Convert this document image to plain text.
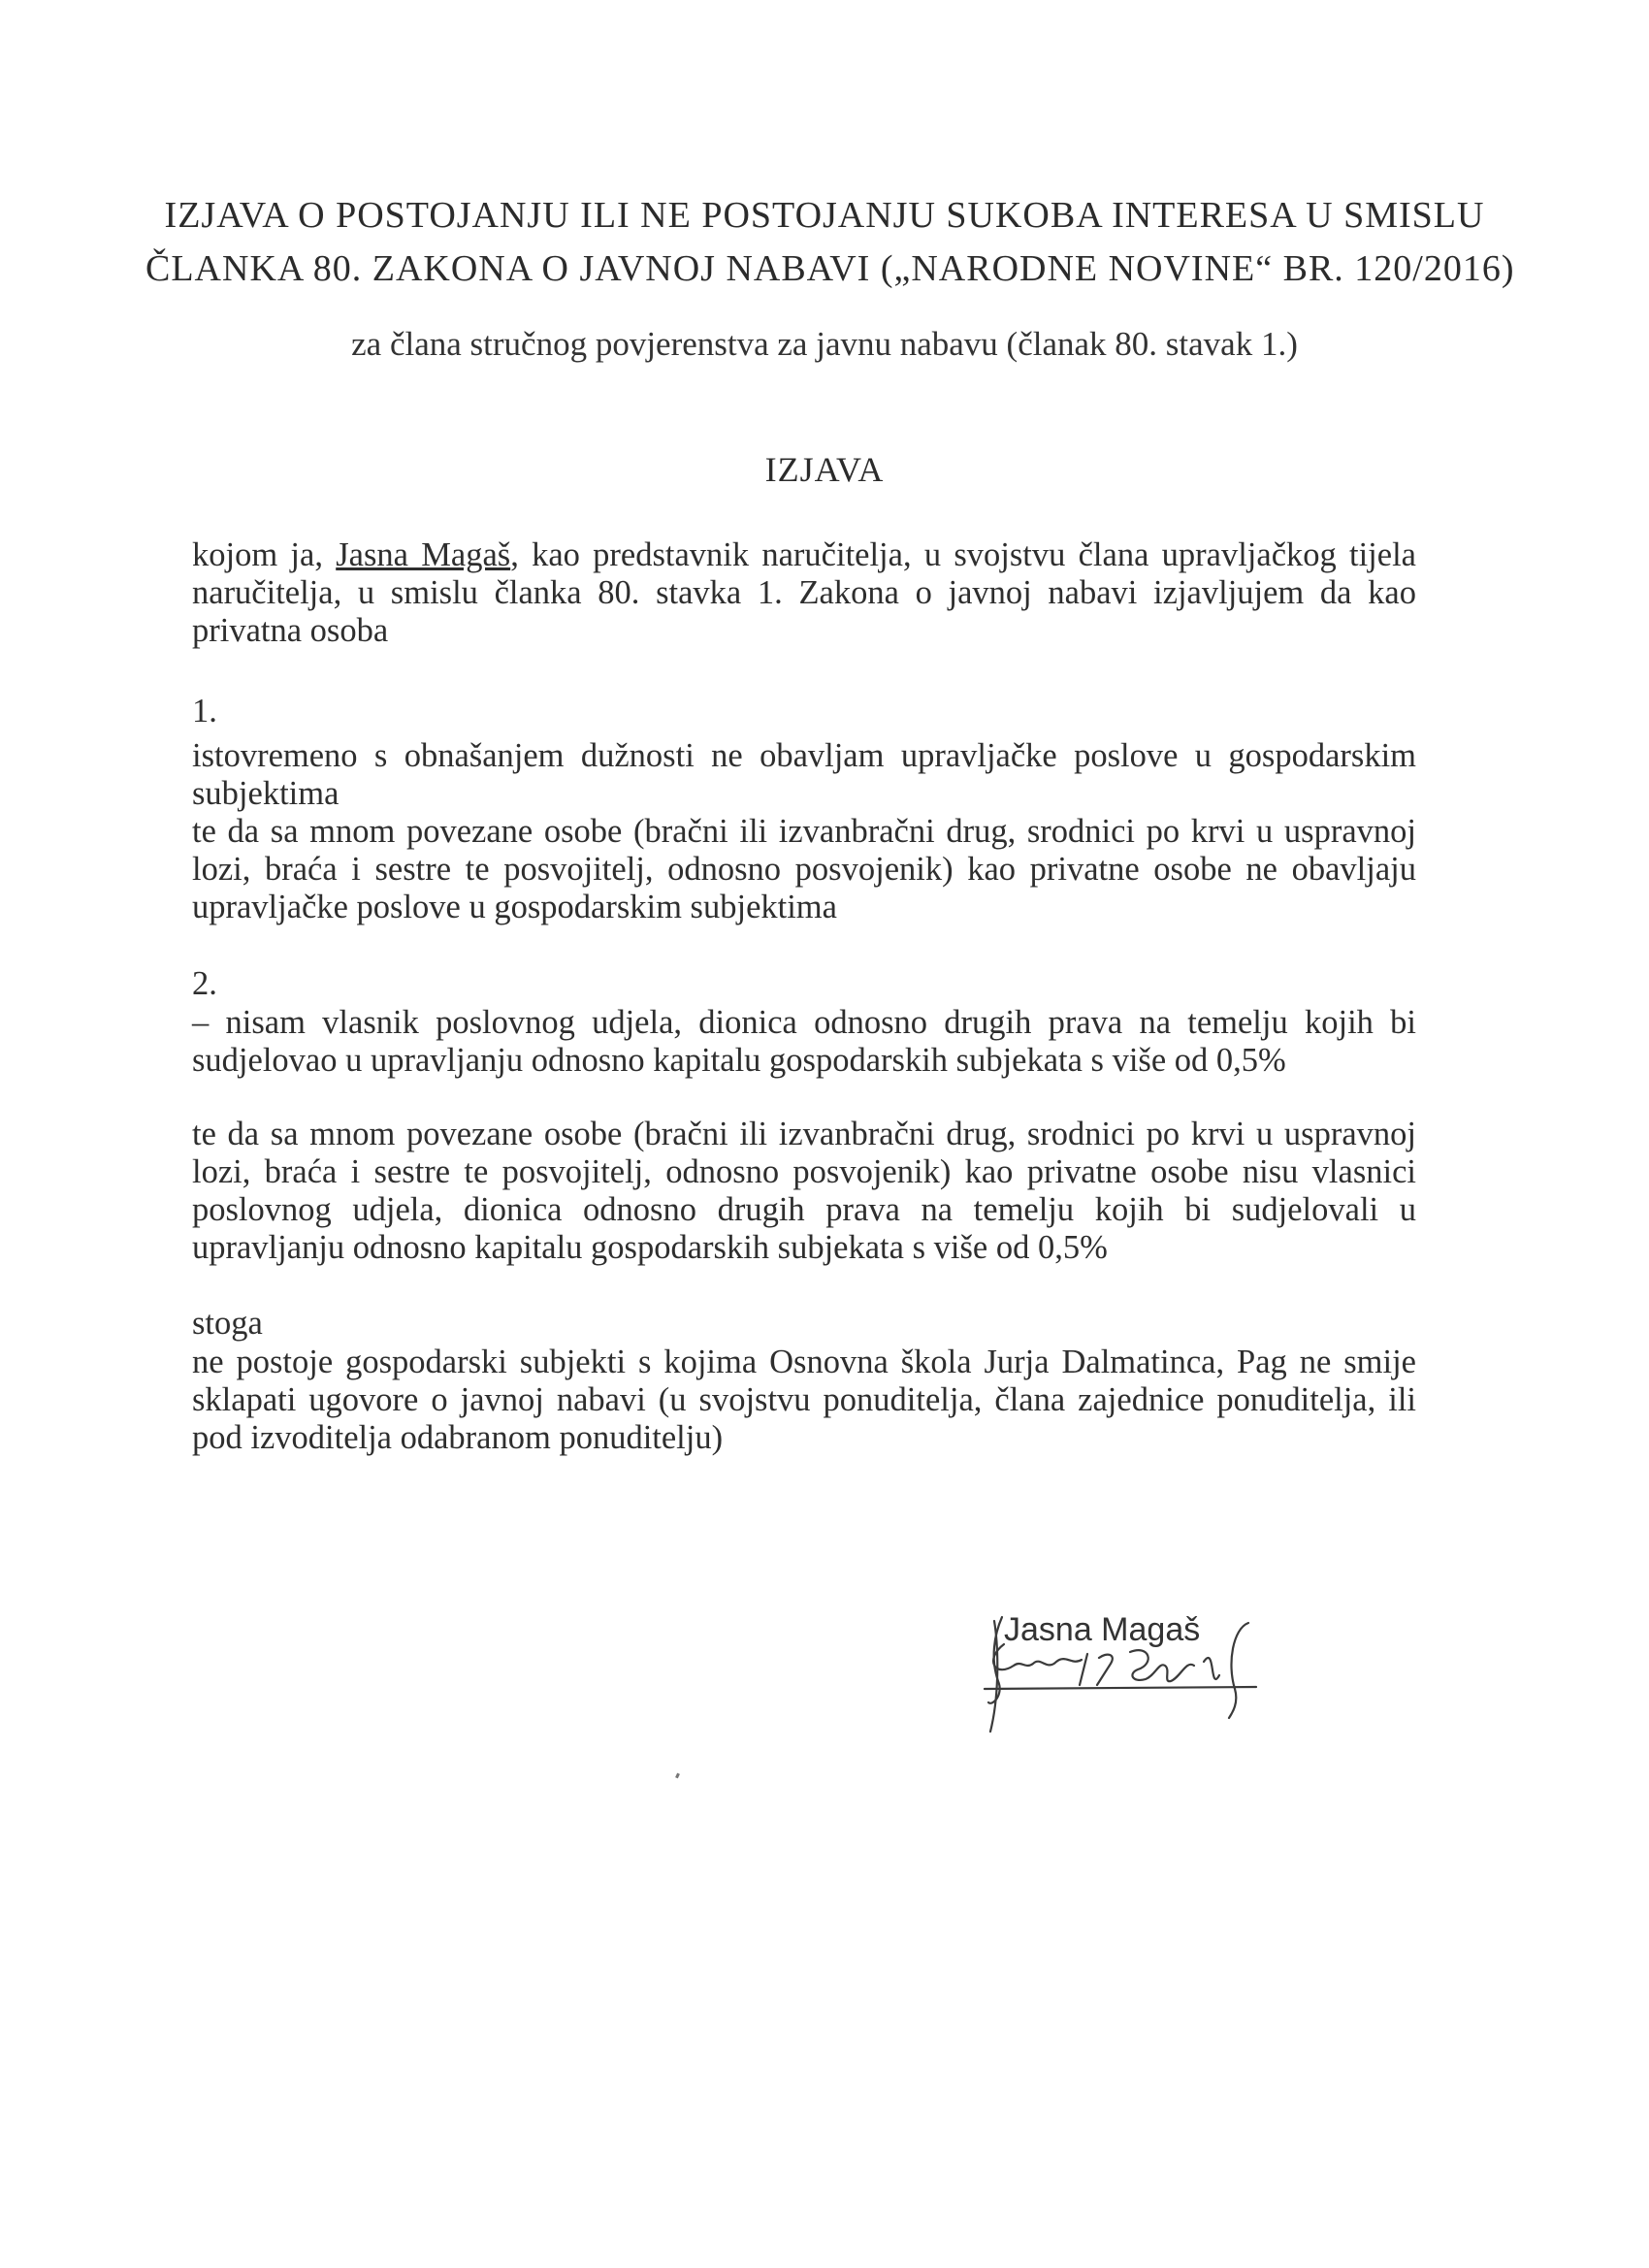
IZJAVA O POSTOJANJU ILI NE POSTOJANJU SUKOBA INTERESA U SMISLU
ČLANKA 80. ZAKONA O JAVNOJ NABAVI („NARODNE NOVINE“ BR. 120/2016)
za člana stručnog povjerenstva za javnu nabavu (članak 80. stavak 1.)
IZJAVA
kojom ja, Jasna Magaš, kao predstavnik naručitelja, u svojstvu člana upravljačkog tijela naručitelja, u smislu članka 80. stavka 1. Zakona o javnoj nabavi izjavljujem da kao privatna osoba
1.
istovremeno s obnašanjem dužnosti ne obavljam upravljačke poslove u gospodarskim subjektima
te da sa mnom povezane osobe (bračni ili izvanbračni drug, srodnici po krvi u uspravnoj lozi, braća i sestre te posvojitelj, odnosno posvojenik) kao privatne osobe ne obavljaju upravljačke poslove u gospodarskim subjektima
2.
– nisam vlasnik poslovnog udjela, dionica odnosno drugih prava na temelju kojih bi sudjelovao u upravljanju odnosno kapitalu gospodarskih subjekata s više od 0,5%
te da sa mnom povezane osobe (bračni ili izvanbračni drug, srodnici po krvi u uspravnoj lozi, braća i sestre te posvojitelj, odnosno posvojenik) kao privatne osobe nisu vlasnici poslovnog udjela, dionica odnosno drugih prava na temelju kojih bi sudjelovali u upravljanju odnosno kapitalu gospodarskih subjekata s više od 0,5%
stoga
ne postoje gospodarski subjekti s kojima Osnovna škola Jurja Dalmatinca, Pag ne smije sklapati ugovore o javnoj nabavi (u svojstvu ponuditelja, člana zajednice ponuditelja, ili pod izvoditelja odabranom ponuditelju)
Jasna Magaš
